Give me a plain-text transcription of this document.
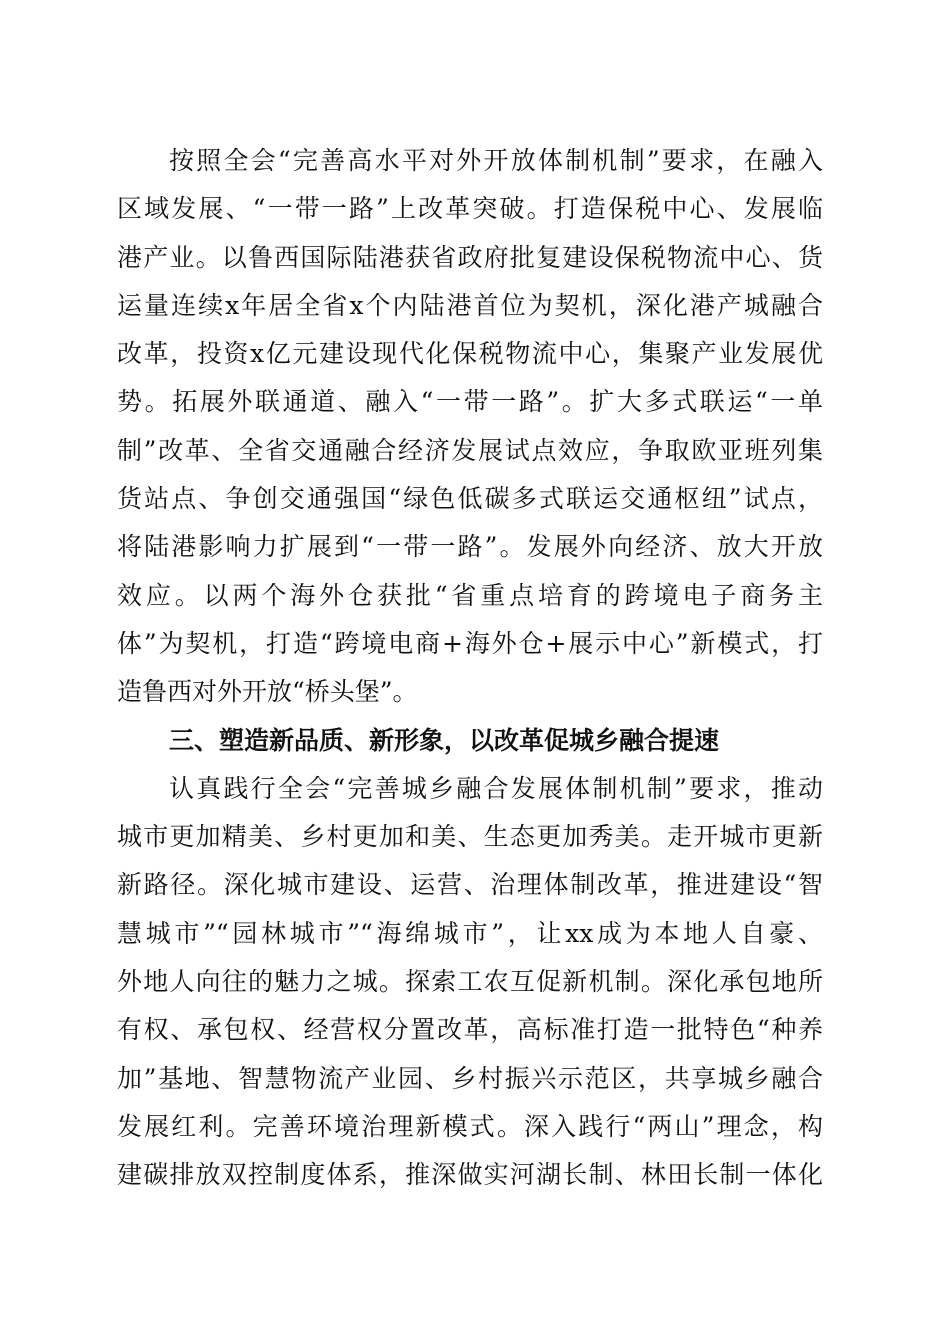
按照全会“完善高水平对外开放体制机制”要求，在融入
区域发展、“一带一路”上改革突破。打造保税中心、发展临
港产业。以鲁西国际陆港获省政府批复建设保税物流中心、货
运量连续x年居全省x个内陆港首位为契机，深化港产城融合
改革，投资x亿元建设现代化保税物流中心，集聚产业发展优
势。拓展外联通道、融入“一带一路”。扩大多式联运“一单
制”改革、全省交通融合经济发展试点效应，争取欧亚班列集
货站点、争创交通强国“绿色低碳多式联运交通枢纽”试点，
将陆港影响力扩展到“一带一路”。发展外向经济、放大开放
效应。以两个海外仓获批“省重点培育的跨境电子商务主
体”为契机，打造“跨境电商+海外仓+展示中心”新模式，打
造鲁西对外开放“桥头堡”。
三、塑造新品质、新形象，以改革促城乡融合提速
认真践行全会“完善城乡融合发展体制机制”要求，推动
城市更加精美、乡村更加和美、生态更加秀美。走开城市更新
新路径。深化城市建设、运营、治理体制改革，推进建设“智
慧城市”“园林城市”“海绵城市”，让xx成为本地人自豪、
外地人向往的魅力之城。探索工农互促新机制。深化承包地所
有权、承包权、经营权分置改革，高标准打造一批特色“种养
加”基地、智慧物流产业园、乡村振兴示范区，共享城乡融合
发展红利。完善环境治理新模式。深入践行“两山”理念，构
建碳排放双控制度体系，推深做实河湖长制、林田长制一体化
